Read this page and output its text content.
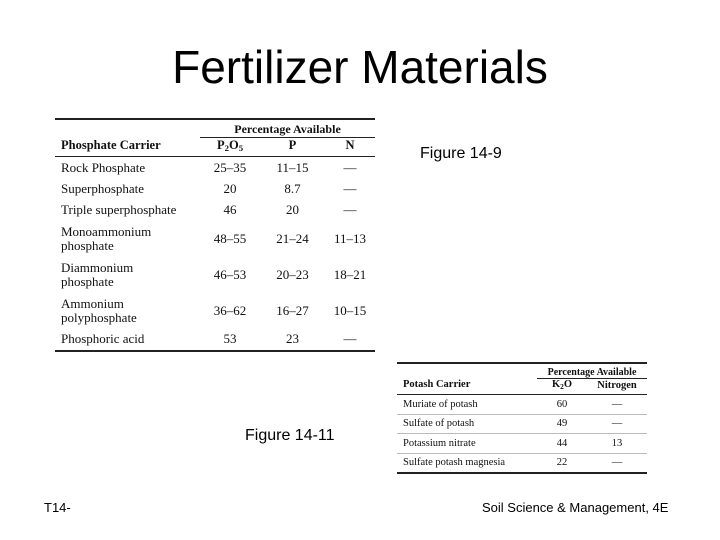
Fertilizer Materials
	Percentage Available		
Phosphate Carrier	$P_2O_5$	P	N
Rock Phosphate	25–35	11–15	—
Superphosphate	20	8.7	—
Triple superphosphate	46	20	—
Monoammonium
phosphate	48–55	21–24	11–13
Diammonium
phosphate	46–53	20–23	18–21
Ammonium
polyphosphate	36–62	16–27	10–15
Phosphoric acid	53	23	—
Figure 14-9
	Percentage Available	
Potash Carrier	$K_2O$	Nitrogen
Muriate of potash	60	—
Sulfate of potash	49	—
Potassium nitrate	44	13
Sulfate potash magnesia	22	—
Figure 14-11
T14-	Soil Science & Management, 4E
